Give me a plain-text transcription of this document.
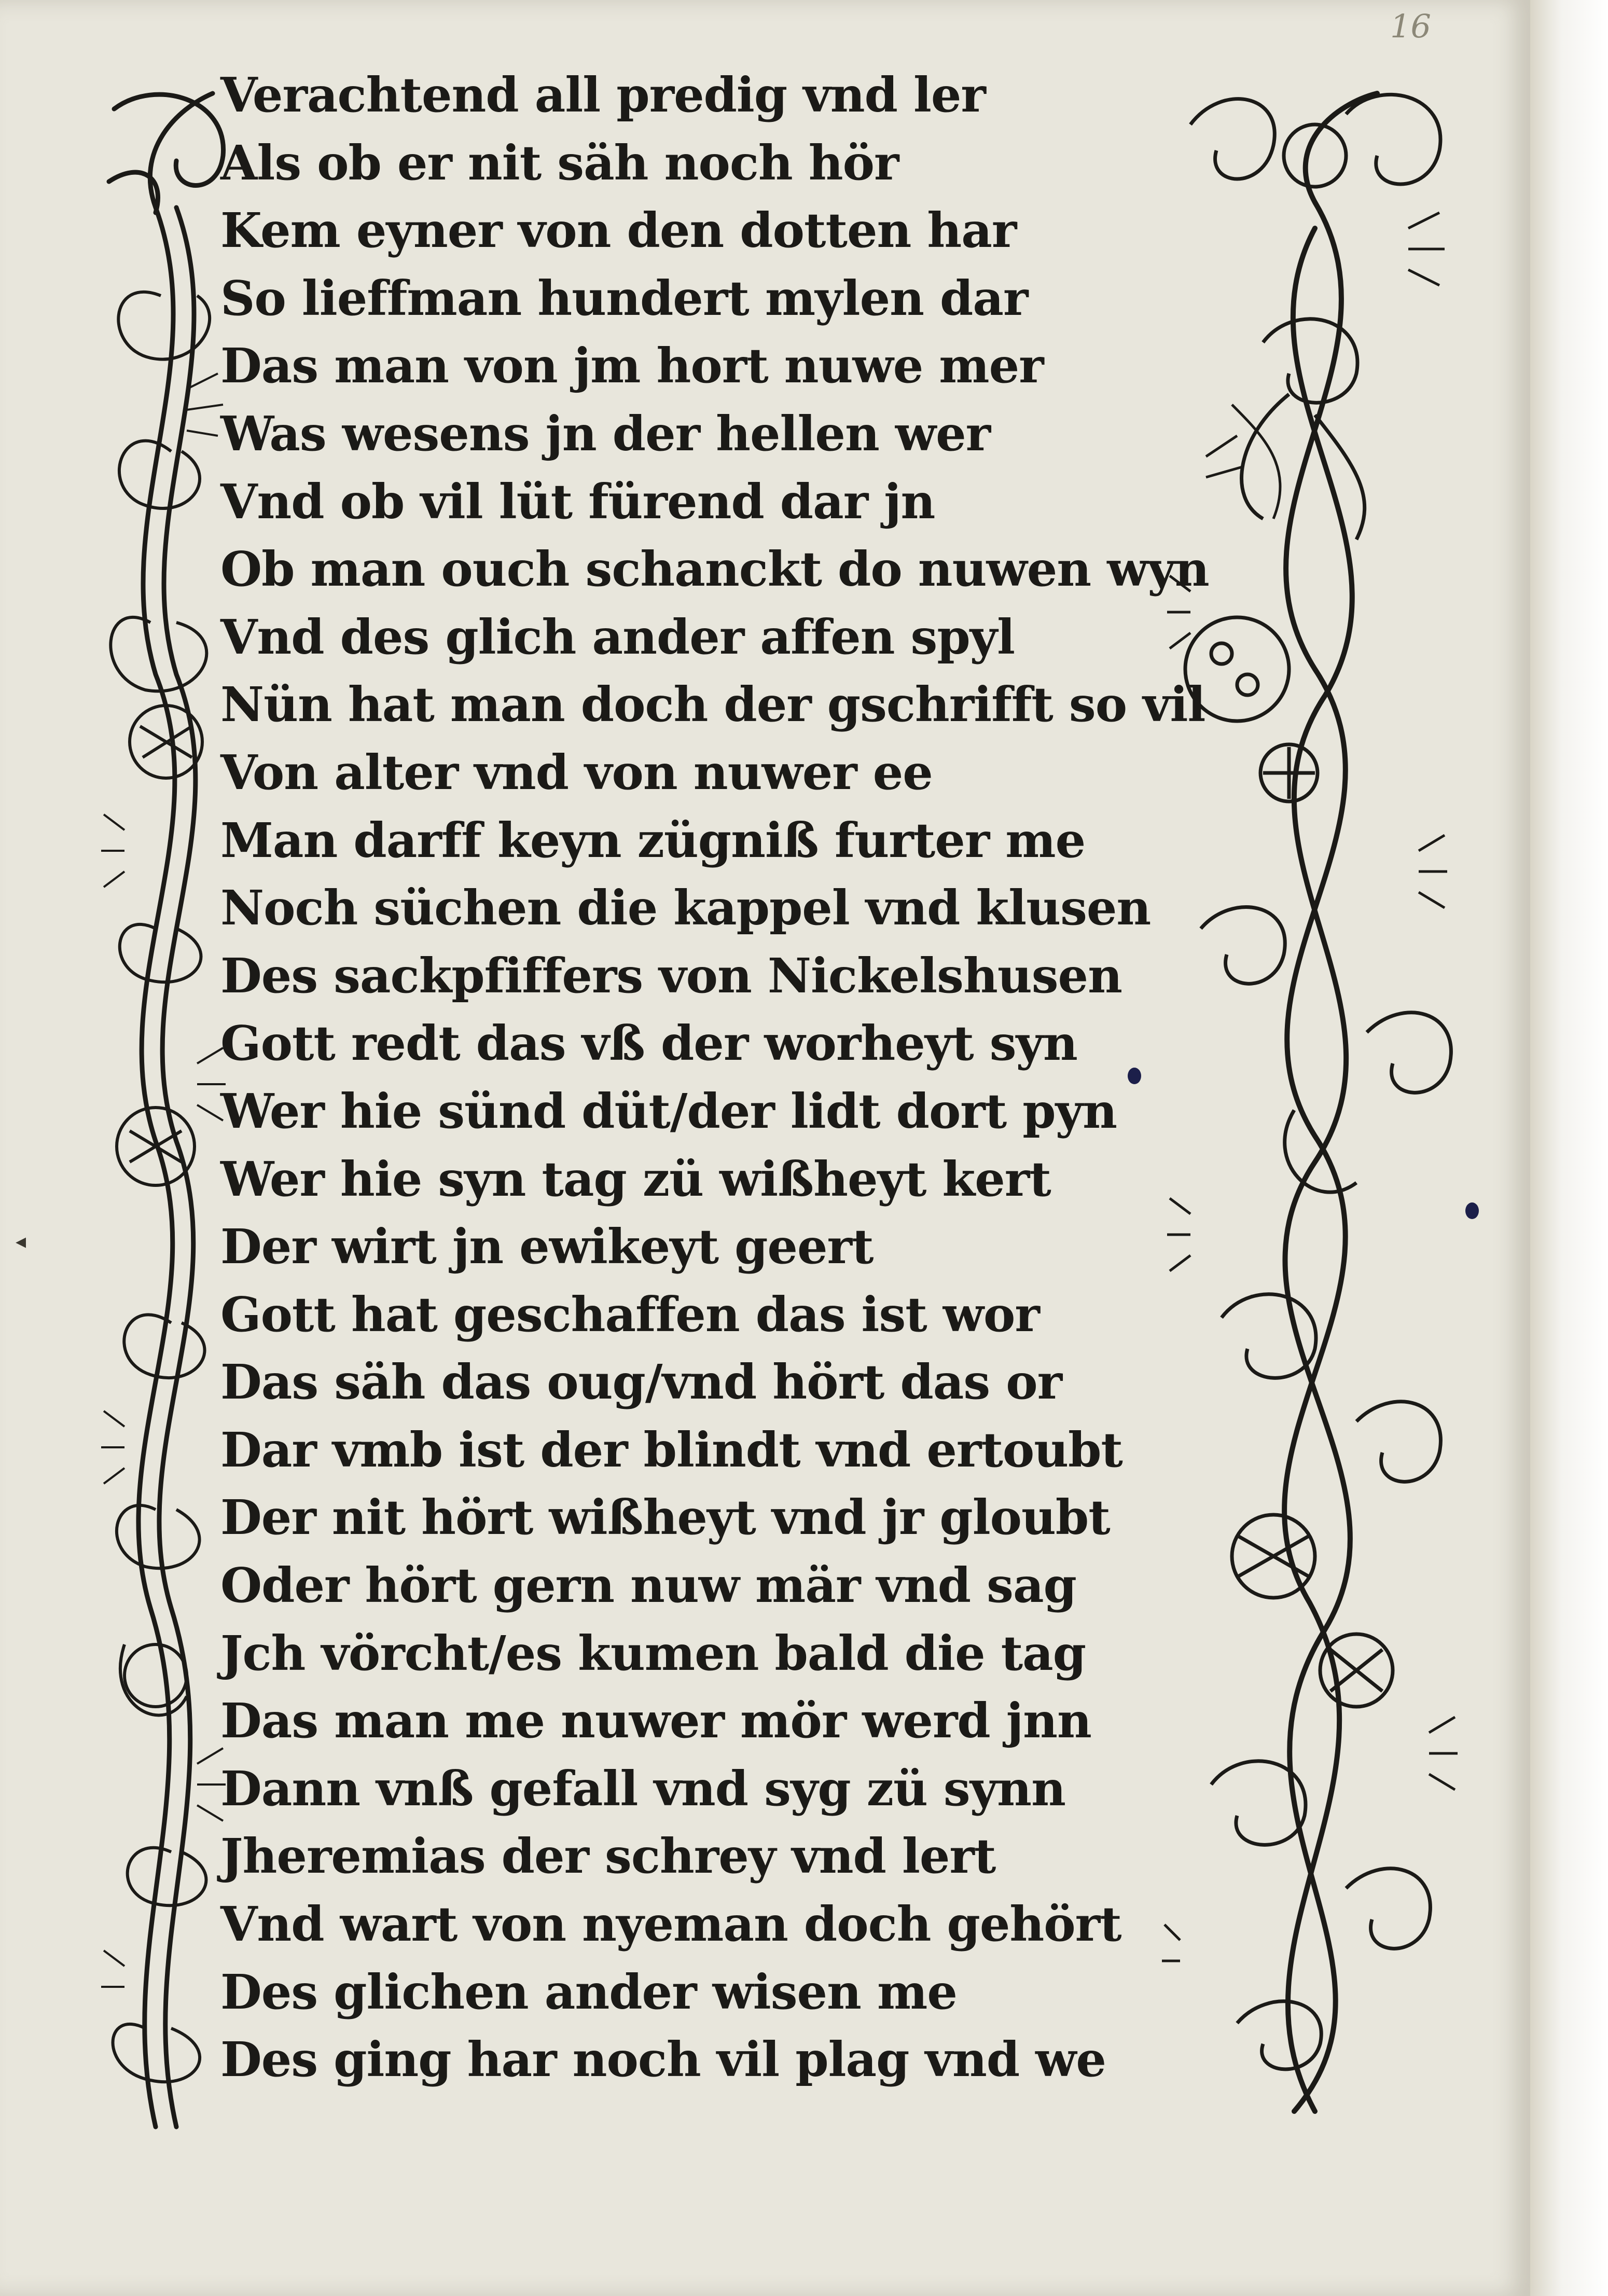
16
Verachtend all predig vnd ler
Als ob er nit säh noch hör
Kem eyner von den dotten har
So lieffman hundert mylen dar
Das man von jm hort nuwe mer
Was wesens jn der hellen wer
Vnd ob vil lüt fürend dar jn
Ob man ouch schanckt do nuwen wyn
Vnd des glich ander affen spyl
Nün hat man doch der gschrifft so vil
Von alter vnd von nuwer ee
Man darff keyn zügniß furter me
Noch süchen die kappel vnd klusen
Des sackpfiffers von Nickelshusen
Gott redt das vß der worheyt syn
Wer hie sünd düt/der lidt dort pyn
Wer hie syn tag zü wißheyt kert
Der wirt jn ewikeyt geert
Gott hat geschaffen das ist wor
Das säh das oug/vnd hört das or
Dar vmb ist der blindt vnd ertoubt
Der nit hört wißheyt vnd jr gloubt
Oder hört gern nuw mär vnd sag
Jch vörcht/es kumen bald die tag
Das man me nuwer mör werd jnn
Dann vnß gefall vnd syg zü synn
Jheremias der schrey vnd lert
Vnd wart von nyeman doch gehört
Des glichen ander wisen me
Des ging har noch vil plag vnd we
◂
